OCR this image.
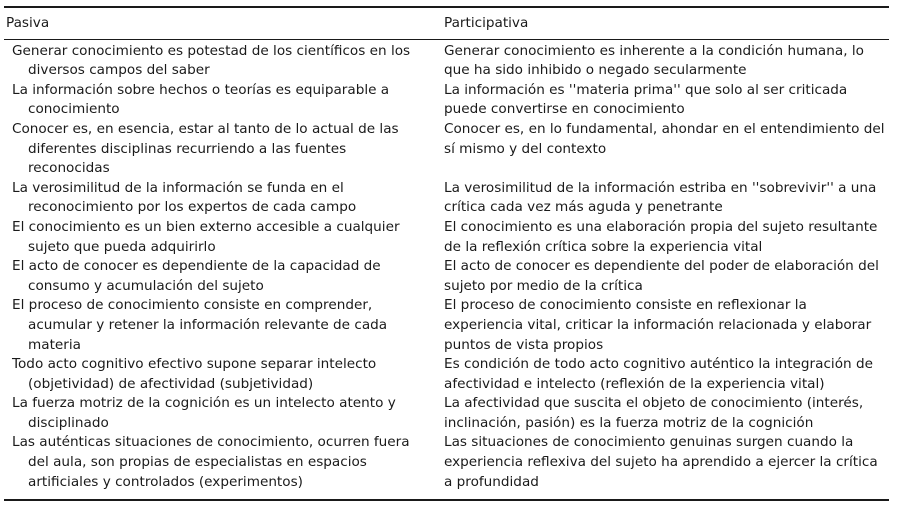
Pasiva	Participativa
Generar conocimiento es potestad de los científicos en los diversos campos del saber	Generar conocimiento es inherente a la condición humana, lo que ha sido inhibido o negado secularmente
La información sobre hechos o teorías es equiparable a conocimiento	La información es ''materia prima'' que solo al ser criticada puede convertirse en conocimiento
Conocer es, en esencia, estar al tanto de lo actual de las diferentes disciplinas recurriendo a las fuentes reconocidas	Conocer es, en lo fundamental, ahondar en el entendimiento del sí mismo y del contexto
La verosimilitud de la información se funda en el reconocimiento por los expertos de cada campo	La verosimilitud de la información estriba en ''sobrevivir'' a una crítica cada vez más aguda y penetrante
El conocimiento es un bien externo accesible a cualquier sujeto que pueda adquirirlo	El conocimiento es una elaboración propia del sujeto resultante de la reflexión crítica sobre la experiencia vital
El acto de conocer es dependiente de la capacidad de consumo y acumulación del sujeto	El acto de conocer es dependiente del poder de elaboración del sujeto por medio de la crítica
El proceso de conocimiento consiste en comprender, acumular y retener la información relevante de cada materia	El proceso de conocimiento consiste en reflexionar la experiencia vital, criticar la información relacionada y elaborar puntos de vista propios
Todo acto cognitivo efectivo supone separar intelecto (objetividad) de afectividad (subjetividad)	Es condición de todo acto cognitivo auténtico la integración de afectividad e intelecto (reflexión de la experiencia vital)
La fuerza motriz de la cognición es un intelecto atento y disciplinado	La afectividad que suscita el objeto de conocimiento (interés, inclinación, pasión) es la fuerza motriz de la cognición
Las auténticas situaciones de conocimiento, ocurren fuera del aula, son propias de especialistas en espacios artificiales y controlados (experimentos)	Las situaciones de conocimiento genuinas surgen cuando la experiencia reflexiva del sujeto ha aprendido a ejercer la crítica a profundidad
